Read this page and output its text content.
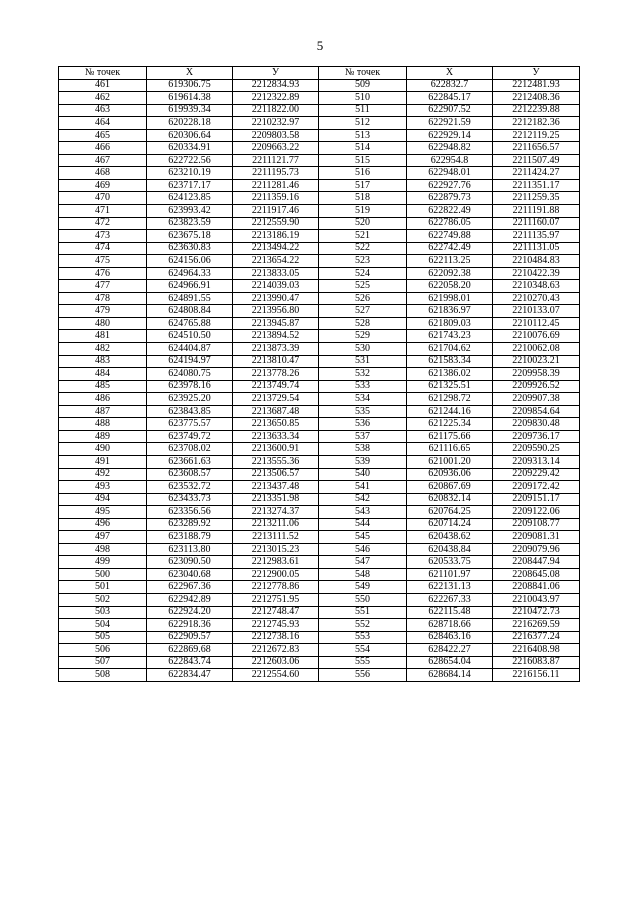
5
№ точек	X	У	№ точек	X	У
461	619306.75	2212834.93	509	622832.7	2212481.93
462	619614.38	2212322.89	510	622845.17	2212408.36
463	619939.34	2211822.00	511	622907.52	2212239.88
464	620228.18	2210232.97	512	622921.59	2212182.36
465	620306.64	2209803.58	513	622929.14	2212119.25
466	620334.91	2209663.22	514	622948.82	2211656.57
467	622722.56	2211121.77	515	622954.8	2211507.49
468	623210.19	2211195.73	516	622948.01	2211424.27
469	623717.17	2211281.46	517	622927.76	2211351.17
470	624123.85	2211359.16	518	622879.73	2211259.35
471	623993.42	2211917.46	519	622822.49	2211191.88
472	623823.59	2212559.90	520	622786.05	2211160.07
473	623675.18	2213186.19	521	622749.88	2211135.97
474	623630.83	2213494.22	522	622742.49	2211131.05
475	624156.06	2213654.22	523	622113.25	2210484.83
476	624964.33	2213833.05	524	622092.38	2210422.39
477	624966.91	2214039.03	525	622058.20	2210348.63
478	624891.55	2213990.47	526	621998.01	2210270.43
479	624808.84	2213956.80	527	621836.97	2210133.07
480	624765.88	2213945.87	528	621809.03	2210112.45
481	624510.50	2213894.52	529	621743.23	2210076.69
482	624404.87	2213873.39	530	621704.62	2210062.08
483	624194.97	2213810.47	531	621583.34	2210023.21
484	624080.75	2213778.26	532	621386.02	2209958.39
485	623978.16	2213749.74	533	621325.51	2209926.52
486	623925.20	2213729.54	534	621298.72	2209907.38
487	623843.85	2213687.48	535	621244.16	2209854.64
488	623775.57	2213650.85	536	621225.34	2209830.48
489	623749.72	2213633.34	537	621175.66	2209736.17
490	623708.02	2213600.91	538	621116.65	2209590.25
491	623661.63	2213555.36	539	621001.20	2209313.14
492	623608.57	2213506.57	540	620936.06	2209229.42
493	623532.72	2213437.48	541	620867.69	2209172.42
494	623433.73	2213351.98	542	620832.14	2209151.17
495	623356.56	2213274.37	543	620764.25	2209122.06
496	623289.92	2213211.06	544	620714.24	2209108.77
497	623188.79	2213111.52	545	620438.62	2209081.31
498	623113.80	2213015.23	546	620438.84	2209079.96
499	623090.50	2212983.61	547	620533.75	2208447.94
500	623040.68	2212900.05	548	621101.97	2208645.08
501	622967.36	2212778.86	549	622131.13	2208841.06
502	622942.89	2212751.95	550	622267.33	2210043.97
503	622924.20	2212748.47	551	622115.48	2210472.73
504	622918.36	2212745.93	552	628718.66	2216269.59
505	622909.57	2212738.16	553	628463.16	2216377.24
506	622869.68	2212672.83	554	628422.27	2216408.98
507	622843.74	2212603.06	555	628654.04	2216083.87
508	622834.47	2212554.60	556	628684.14	2216156.11
